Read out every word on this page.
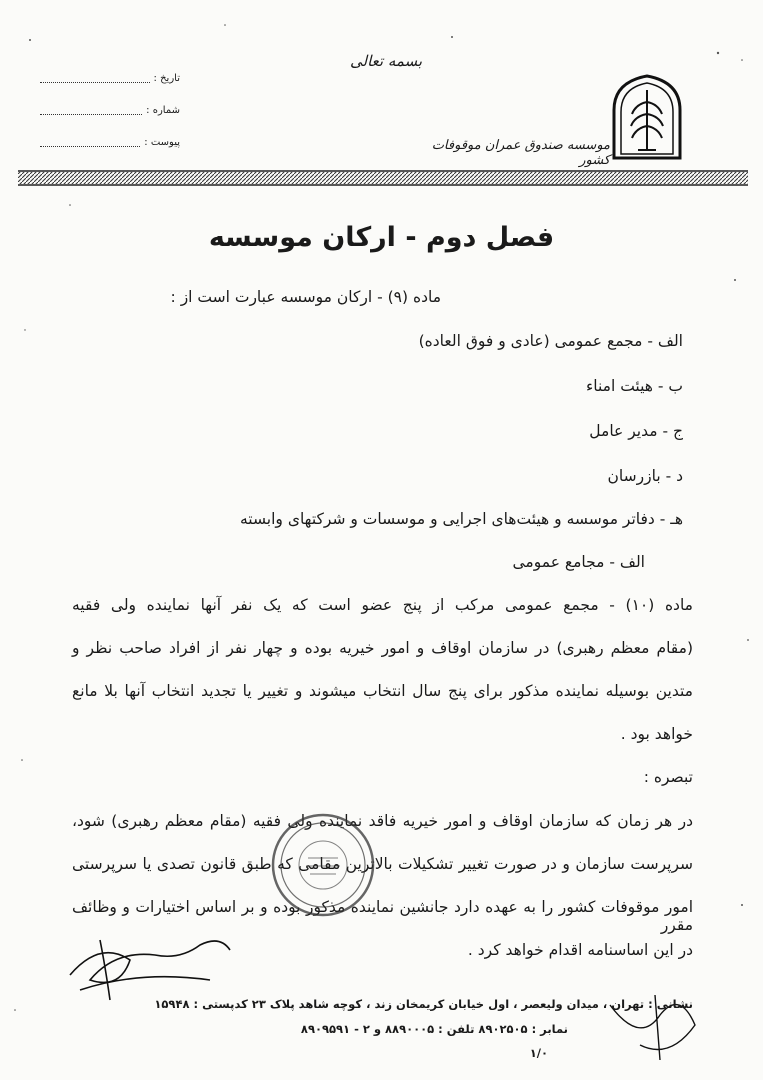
تاریخ :
شماره :
پیوست :
بسمه تعالی
موسسه صندوق عمران موقوفات کشور
فصل دوم - ارکان موسسه
ماده (۹) - ارکان موسسه عبارت است از :
الف - مجمع عمومی (عادی و فوق العاده)
ب - هیئت امناء
ج - مدیر عامل
د - بازرسان
هـ - دفاتر موسسه و هیئت‌های اجرایی و موسسات و شرکتهای وابسته
الف - مجامع عمومی
ماده (۱۰) - مجمع عمومی مرکب از پنج عضو است که یک نفر آنها نماینده ولی فقیه
(مقام معظم رهبری) در سازمان اوقاف و امور خیریه بوده و چهار نفر از افراد صاحب نظر و
متدین بوسیله نماینده مذکور برای پنج سال انتخاب میشوند و تغییر یا تجدید انتخاب آنها بلا مانع
خواهد بود .
تبصره :
در هر زمان که سازمان اوقاف و امور خیریه فاقد نماینده ولی فقیه (مقام معظم رهبری) شود،
سرپرست سازمان و در صورت تغییر تشکیلات بالاترین مقامی که طبق قانون تصدی یا سرپرستی
امور موقوفات کشور را به عهده دارد جانشین نماینده مذکور بوده و بر اساس اختیارات و وظائف مقرر
در این اساسنامه اقدام خواهد کرد .
نشانی : تهران ، میدان ولیعصر ، اول خیابان کریمخان زند ، کوچه شاهد پلاک ۲۳ کدپستی : ۱۵۹۴۸
نمابر : ۸۹۰۲۵۰۵ تلفن : ۸۸۹۰۰۰۵ و ۲ - ۸۹۰۹۵۹۱
۱/۰
